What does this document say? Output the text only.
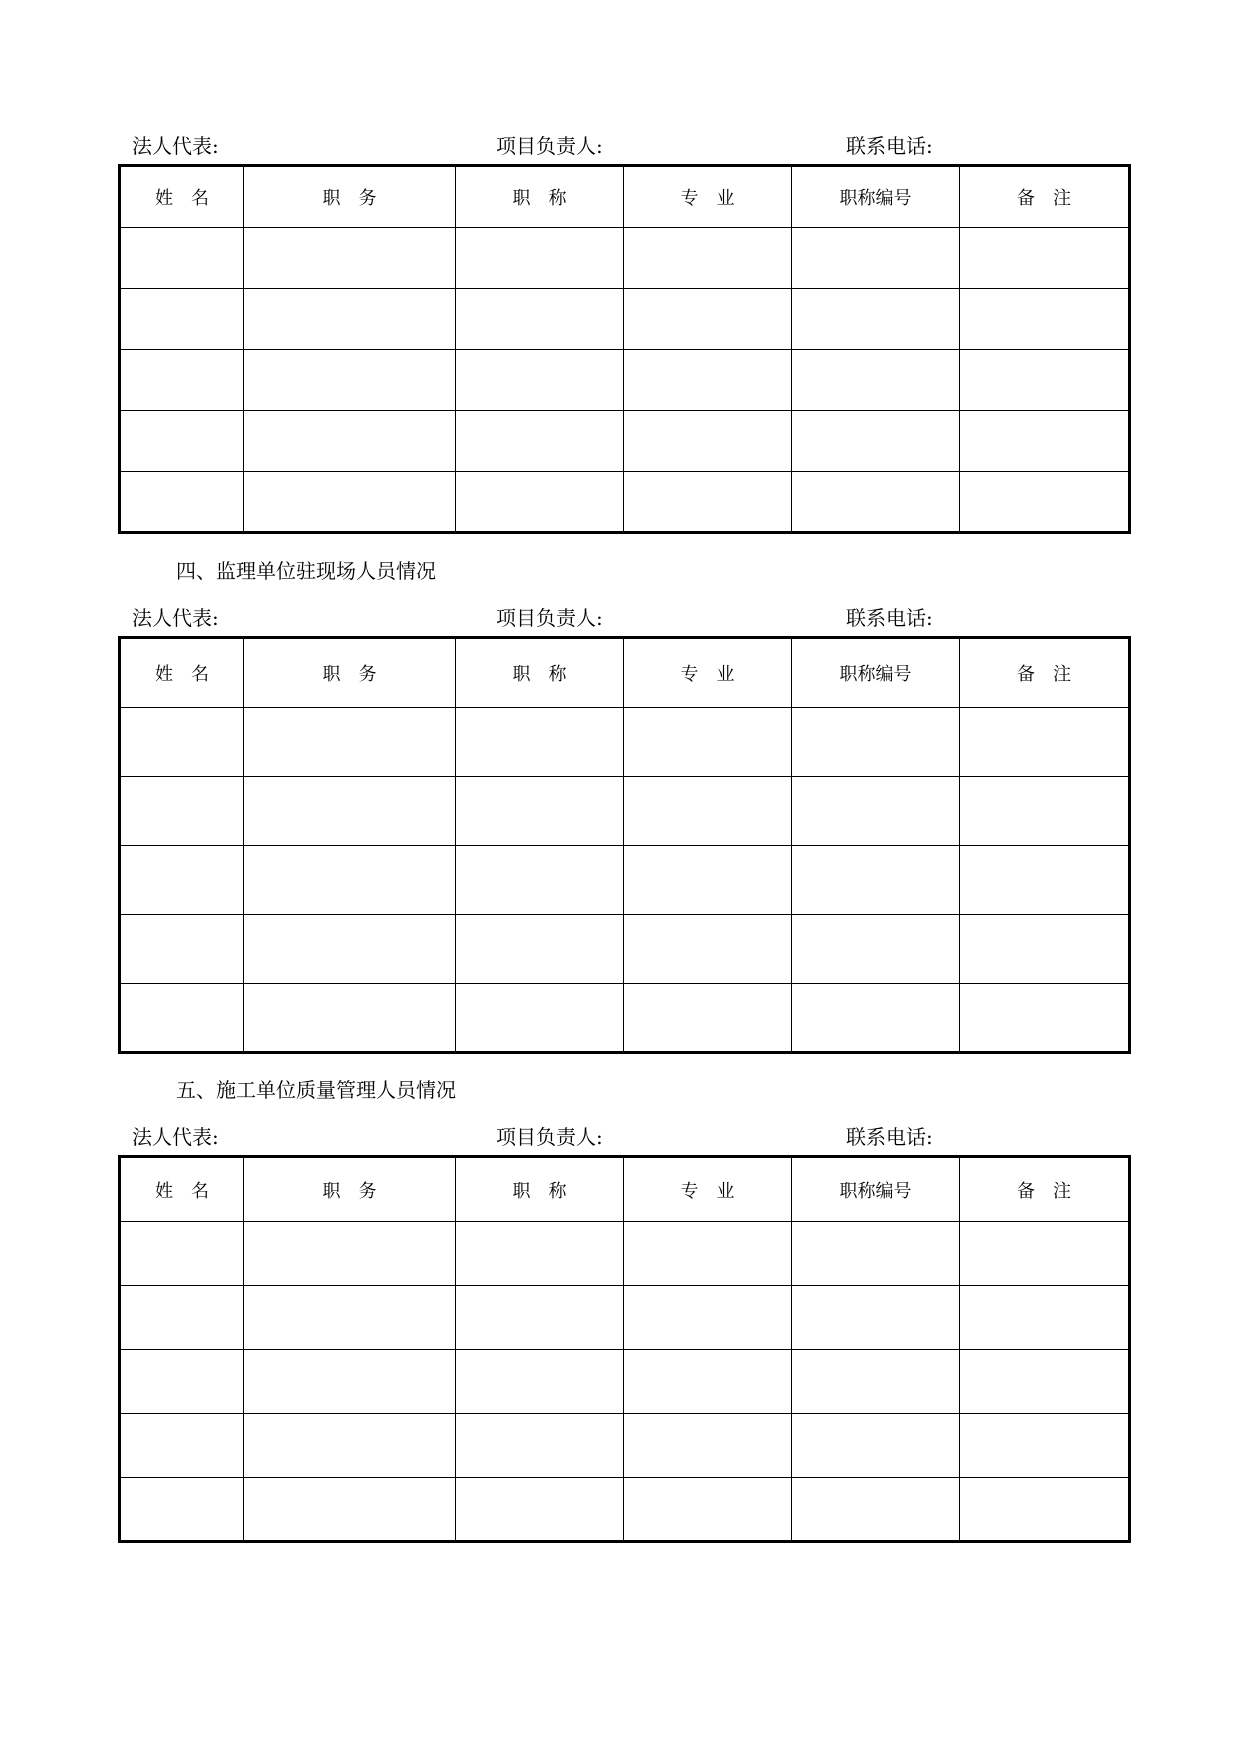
法人代表:	项目负责人:	联系电话:
姓　名	职　务	职　称	专　业	职称编号	备　注

四、监理单位驻现场人员情况
法人代表:	项目负责人:	联系电话:
姓　名	职　务	职　称	专　业	职称编号	备　注

五、施工单位质量管理人员情况
法人代表:	项目负责人:	联系电话:
姓　名	职　务	职　称	专　业	职称编号	备　注
